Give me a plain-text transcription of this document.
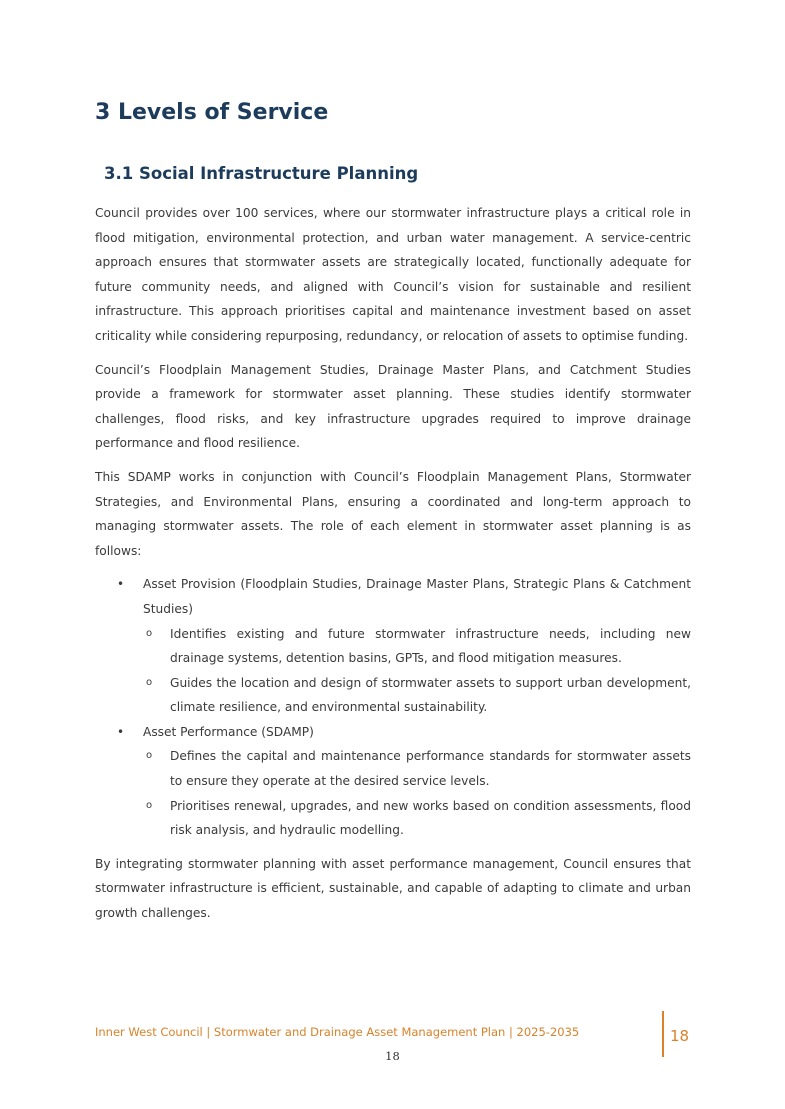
3 Levels of Service
3.1 Social Infrastructure Planning

Council provides over 100 services, where our stormwater infrastructure plays a critical role in flood mitigation, environmental protection, and urban water management. A service-centric approach ensures that stormwater assets are strategically located, functionally adequate for future community needs, and aligned with Council’s vision for sustainable and resilient infrastructure. This approach prioritises capital and maintenance investment based on asset criticality while considering repurposing, redundancy, or relocation of assets to optimise funding.

Council’s Floodplain Management Studies, Drainage Master Plans, and Catchment Studies provide a framework for stormwater asset planning. These studies identify stormwater challenges, flood risks, and key infrastructure upgrades required to improve drainage performance and flood resilience.

This SDAMP works in conjunction with Council’s Floodplain Management Plans, Stormwater Strategies, and Environmental Plans, ensuring a coordinated and long-term approach to managing stormwater assets. The role of each element in stormwater asset planning is as follows:

• Asset Provision (Floodplain Studies, Drainage Master Plans, Strategic Plans & Catchment Studies)
o Identifies existing and future stormwater infrastructure needs, including new drainage systems, detention basins, GPTs, and flood mitigation measures.
o Guides the location and design of stormwater assets to support urban development, climate resilience, and environmental sustainability.
• Asset Performance (SDAMP)
o Defines the capital and maintenance performance standards for stormwater assets to ensure they operate at the desired service levels.
o Prioritises renewal, upgrades, and new works based on condition assessments, flood risk analysis, and hydraulic modelling.

By integrating stormwater planning with asset performance management, Council ensures that stormwater infrastructure is efficient, sustainable, and capable of adapting to climate and urban growth challenges.

Inner West Council | Stormwater and Drainage Asset Management Plan | 2025-2035	18
18
